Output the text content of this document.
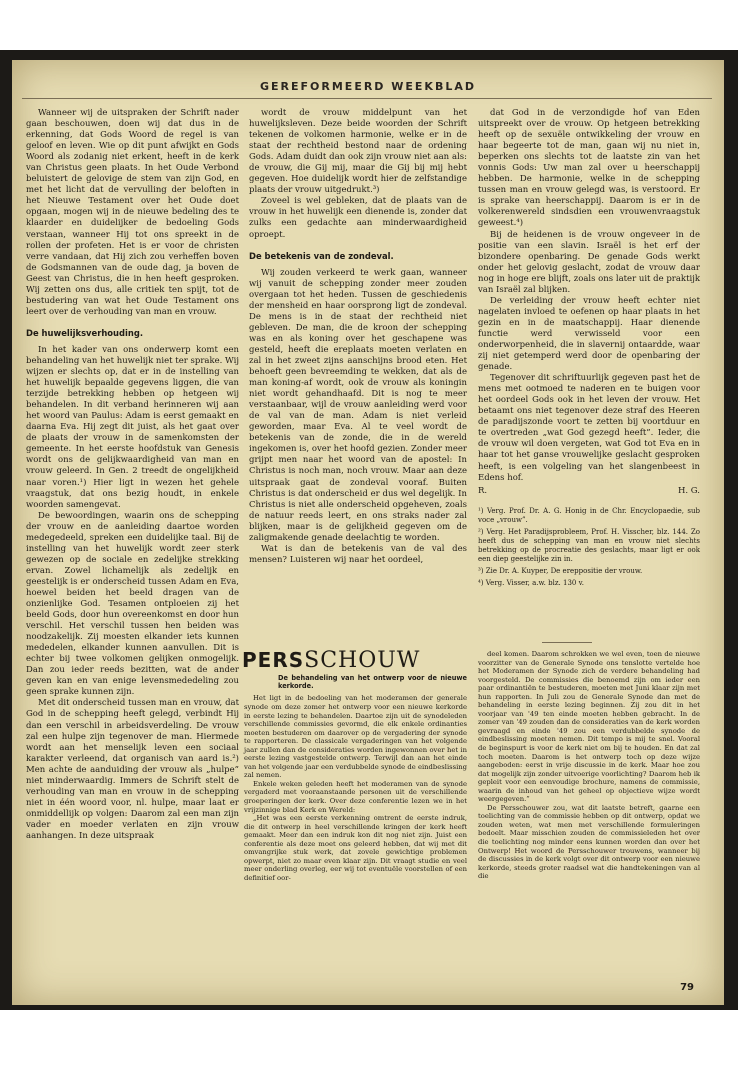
GEREFORMEERD WEEKBLAD

Wanneer wij de uitspraken der Schrift nader gaan beschouwen, doen wij dat dus in de erkenning, dat Gods Woord de regel is van geloof en leven. Wie op dit punt afwijkt en Gods Woord als zodanig niet erkent, heeft in de kerk van Christus geen plaats. In het Oude Verbond beluistert de gelovige de stem van zijn God, en met het licht dat de vervulling der beloften in het Nieuwe Testament over het Oude doet opgaan, mogen wij in de nieuwe bedeling des te klaarder en duidelijker de bedoeling Gods verstaan, wanneer Hij tot ons spreekt in de rollen der profeten. Het is er voor de christen verre vandaan, dat Hij zich zou verheffen boven de Godsmannen van de oude dag, ja boven de Geest van Christus, die in hen heeft gesproken. Wij zetten ons dus, alle critiek ten spijt, tot de bestudering van wat het Oude Testament ons leert over de verhouding van man en vrouw.

De huwelijksverhouding.

In het kader van ons onderwerp komt een behandeling van het huwelijk niet ter sprake. Wij wijzen er slechts op, dat er in de instelling van het huwelijk bepaalde gegevens liggen, die van terzijde betrekking hebben op hetgeen wij behandelen. In dit verband herinneren wij aan het woord van Paulus: Adam is eerst gemaakt en daarna Eva. Hij zegt dit juist, als het gaat over de plaats der vrouw in de samenkomsten der gemeente. In het eerste hoofdstuk van Genesis wordt ons de gelijkwaardigheid van man en vrouw geleerd. In Gen. 2 treedt de ongelijkheid naar voren.¹) Hier ligt in wezen het gehele vraagstuk, dat ons bezig houdt, in enkele woorden samengevat.

De bewoordingen, waarin ons de schepping der vrouw en de aanleiding daartoe worden medegedeeld, spreken een duidelijke taal. Bij de instelling van het huwelijk wordt zeer sterk gewezen op de sociale en zedelijke strekking ervan. Zowel lichamelijk als zedelijk en geestelijk is er onderscheid tussen Adam en Eva, hoewel beiden het beeld dragen van de onzienlijke God. Tesamen ontploeien zij het beeld Gods, door hun overeenkomst en door hun verschil. Het verschil tussen hen beiden was noodzakelijk. Zij moesten elkander iets kunnen mededelen, elkander kunnen aanvullen. Dit is echter bij twee volkomen gelijken onmogelijk. Dan zou ieder reeds bezitten, wat de ander geven kan en van enige levensmededeling zou geen sprake kunnen zijn.

Met dit onderscheid tussen man en vrouw, dat God in de schepping heeft gelegd, verbindt Hij dan een verschil in arbeidsverdeling. De vrouw zal een hulpe zijn tegenover de man. Hiermede wordt aan het menselijk leven een sociaal karakter verleend, dat organisch van aard is.²) Men achte de aanduiding der vrouw als „hulpe” niet minderwaardig. Immers de Schrift stelt de verhouding van man en vrouw in de schepping niet in één woord voor, nl. hulpe, maar laat er onmiddellijk op volgen: Daarom zal een man zijn vader en moeder verlaten en zijn vrouw aanhangen. In deze uitspraak

wordt de vrouw middelpunt van het huwelijksleven. Deze beide woorden der Schrift tekenen de volkomen harmonie, welke er in de staat der rechtheid bestond naar de ordening Gods. Adam duidt dan ook zijn vrouw niet aan als: de vrouw, die Gij mij, maar die Gij bij mij hebt gegeven. Hoe duidelijk wordt hier de zelfstandige plaats der vrouw uitgedrukt.³)

Zoveel is wel gebleken, dat de plaats van de vrouw in het huwelijk een dienende is, zonder dat zulks een gedachte aan minderwaardigheid oproept.

De betekenis van de zondeval.

Wij zouden verkeerd te werk gaan, wanneer wij vanuit de schepping zonder meer zouden overgaan tot het heden. Tussen de geschiedenis der mensheid en haar oorsprong ligt de zondeval. De mens is in de staat der rechtheid niet gebleven. De man, die de kroon der schepping was en als koning over het geschapene was gesteld, heeft die ereplaats moeten verlaten en zal in het zweet zijns aanschijns brood eten. Het behoeft geen bevreemding te wekken, dat als de man koning-af wordt, ook de vrouw als koningin niet wordt gehandhaafd. Dit is nog te meer verstaanbaar, wijl de vrouw aanleiding werd voor de val van de man. Adam is niet verleid geworden, maar Eva. Al te veel wordt de betekenis van de zonde, die in de wereld ingekomen is, over het hoofd gezien. Zonder meer grijpt men naar het woord van de apostel: In Christus is noch man, noch vrouw. Maar aan deze uitspraak gaat de zondeval vooraf. Buiten Christus is dat onderscheid er dus wel degelijk. In Christus is niet alle onderscheid opgeheven, zoals de natuur reeds leert, en ons straks nader zal blijken, maar is de gelijkheid gegeven om de zaligmakende genade deelachtig te worden.

Wat is dan de betekenis van de val des mensen? Luisteren wij naar het oordeel,

dat God in de verzondigde hof van Eden uitspreekt over de vrouw. Op hetgeen betrekking heeft op de sexuële ontwikkeling der vrouw en haar begeerte tot de man, gaan wij nu niet in, beperken ons slechts tot de laatste zin van het vonnis Gods: Uw man zal over u heerschappij hebben. De harmonie, welke in de schepping tussen man en vrouw gelegd was, is verstoord. Er is sprake van heerschappij. Daarom is er in de volkerenwereld sindsdien een vrouwenvraagstuk geweest.⁴)

Bij de heidenen is de vrouw ongeveer in de positie van een slavin. Israël is het erf der bizondere openbaring. De genade Gods werkt onder het gelovig geslacht, zodat de vrouw daar nog in hoge ere blijft, zoals ons later uit de praktijk van Israël zal blijken.

De verleiding der vrouw heeft echter niet nagelaten invloed te oefenen op haar plaats in het gezin en in de maatschappij. Haar dienende functie werd verwisseld voor een onderworpenheid, die in slavernij ontaardde, waar zij niet getemperd werd door de openbaring der genade.

Tegenover dit schriftuurlijk gegeven past het de mens met ootmoed te naderen en te buigen voor het oordeel Gods ook in het leven der vrouw. Het betaamt ons niet tegenover deze straf des Heeren de paradijszonde voort te zetten bij voortduur en te overtreden „wat God gezegd heeft”. Ieder, die de vrouw wil doen vergeten, wat God tot Eva en in haar tot het ganse vrouwelijke geslacht gesproken heeft, is een volgeling van het slangenbeest in Edens hof.

R.	H. G.

¹) Verg. Prof. Dr. A. G. Honig in de Chr. Encyclopaedie, sub voce „vrouw”.

²) Verg. Het Paradijsprobleem, Prof. H. Visscher, blz. 144. Zo heeft dus de schepping van man en vrouw niet slechts betrekking op de procreatie des geslachts, maar ligt er ook een diep geestelijke zin in.

³) Zie Dr. A. Kuyper, De ereppositie der vrouw.

⁴) Verg. Visser, a.w. blz. 130 v.

PERSSCHOUW

De behandeling van het ontwerp voor de nieuwe kerkorde.

Het ligt in de bedoeling van het moderamen der generale synode om deze zomer het ontwerp voor een nieuwe kerkorde in eerste lezing te behandelen. Daartoe zijn uit de synodeleden verschillende commissies gevormd, die elk enkele ordinanties moeten bestuderen om daarover op de vergadering der synode te rapporteren. De classicale vergaderingen van het volgende jaar zullen dan de consideraties worden ingewonnen over het in eerste lezing vastgestelde ontwerp. Terwijl dan aan het einde van het volgende jaar een verdubbelde synode de eindbeslissing zal nemen.

Enkele weken geleden heeft het moderamen van de synode vergaderd met vooraanstaande personen uit de verschillende groeperingen der kerk. Over deze conferentie lezen we in het vrijzinnige blad Kerk en Wereld:

„Het was een eerste verkenning omtrent de eerste indruk, die dit ontwerp in heel verschillende kringen der kerk heeft gemaakt. Meer dan een indruk kon dit nog niet zijn. Juist een conferentie als deze moet ons geleerd hebben, dat wij met dit omvangrijke stuk werk, dat zovele gewichtige problemen opwerpt, niet zo maar even klaar zijn. Dit vraagt studie en veel meer onderling overleg, eer wij tot eventuële voorstellen of een definitief oor-

deel komen. Daarom schrokken we wel even, toen de nieuwe voorzitter van de Generale Synode ons tenslotte vertelde hoe het Moderamen der Synode zich de verdere behandeling had voorgesteld. De commissies die benoemd zijn om ieder een paar ordinantiën te bestuderen, moeten met Juni klaar zijn met hun rapporten. In Juli zou de Generale Synode dan met de behandeling in eerste lezing beginnen. Zij zou dit in het voorjaar van '49 ten einde moeten hebben gebracht. In de zomer van '49 zouden dan de consideraties van de kerk worden gevraagd en einde '49 zou een verdubbelde synode de eindbeslissing moeten nemen. Dit tempo is mij te snel. Vooral de beginspurt is voor de kerk niet om bij te houden. En dat zal toch moeten. Daarom is het ontwerp toch op deze wijze aangeboden: eerst in vrije discussie in de kerk. Maar hoe zou dat mogelijk zijn zonder uitvoerige voorlichting? Daarom heb ik gepleit voor een eenvoudige brochure, namens de commissie, waarin de inhoud van het geheel op objectieve wijze wordt weergegeven.”

De Persschouwer zou, wat dit laatste betreft, gaarne een toelichting van de commissie hebben op dit ontwerp, opdat we zouden weten, wat men met verschillende formuleringen bedoelt. Maar misschien zouden de commissieleden het over die toelichting nog minder eens kunnen worden dan over het Ontwerp! Het woord de Persschouwer trouwens, wanneer bij de discussies in de kerk volgt over dit ontwerp voor een nieuwe kerkorde, steeds groter raadsel wat die handtekeningen van al die

79
